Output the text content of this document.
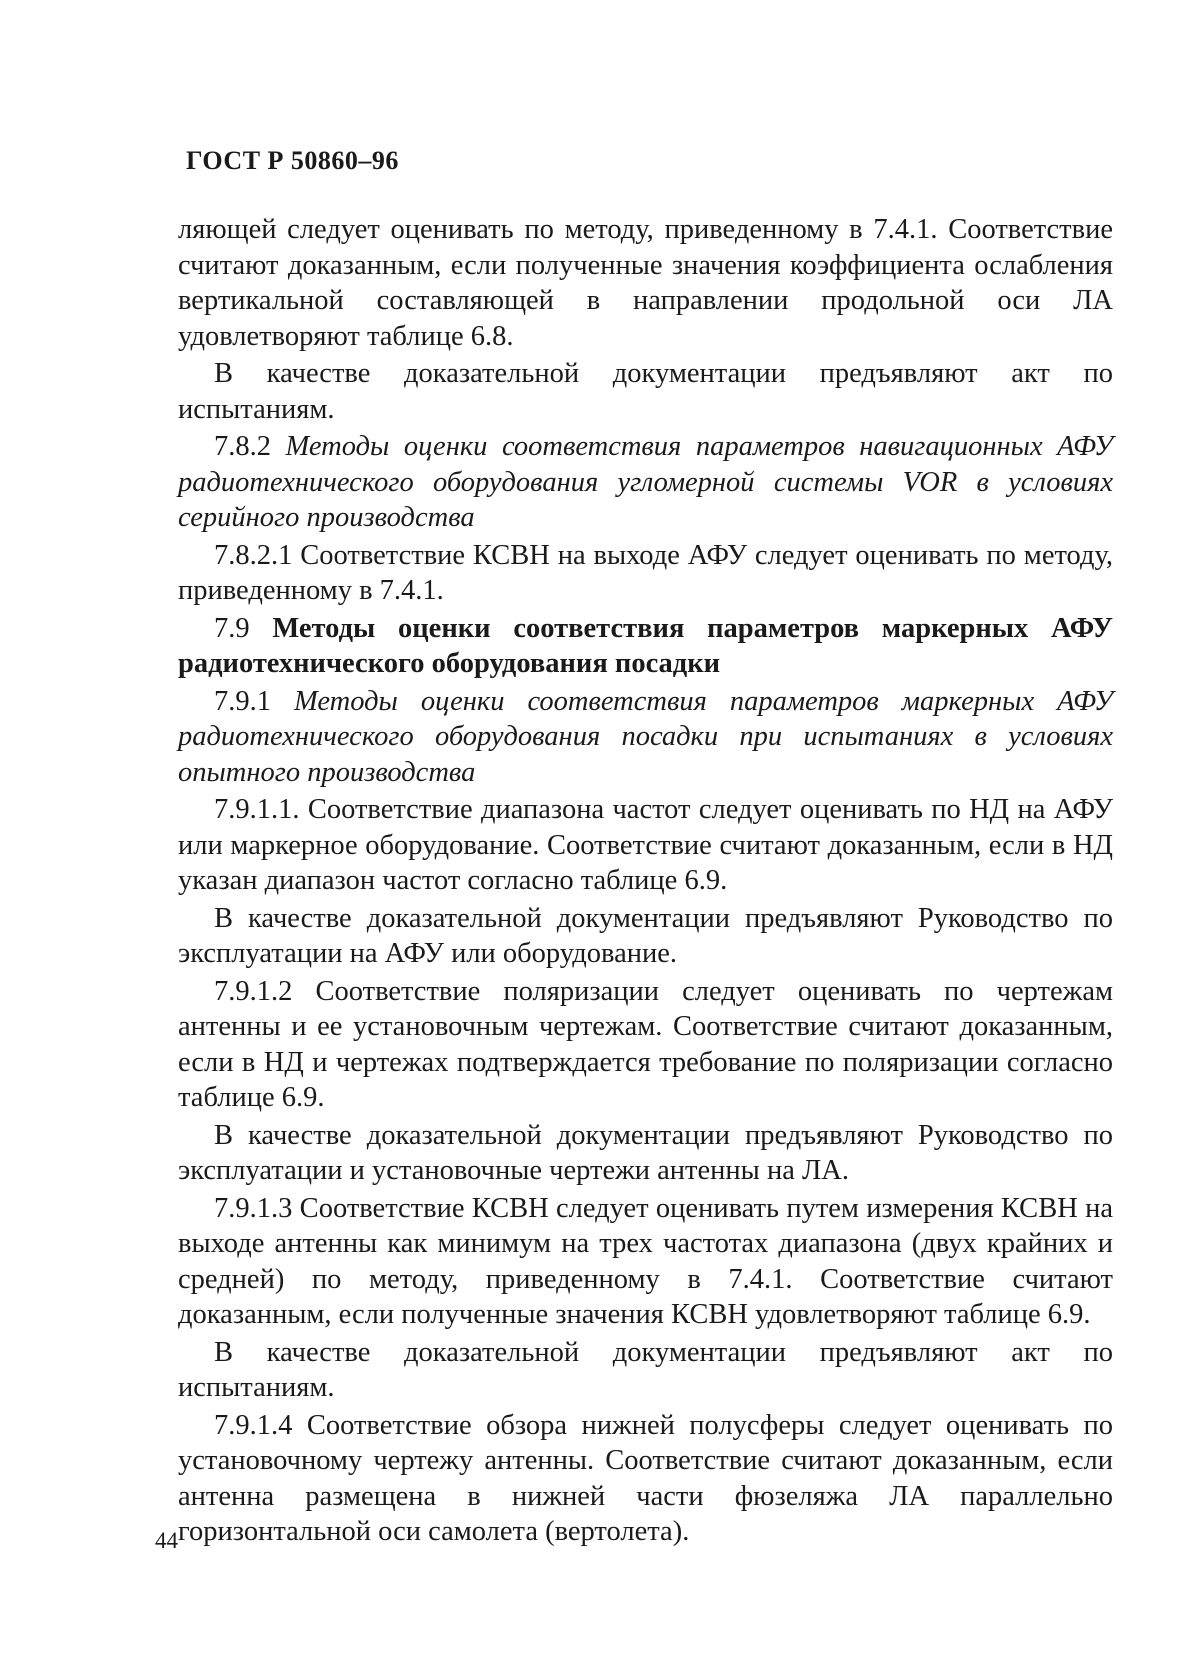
ГОСТ Р 50860–96

ляющей следует оценивать по методу, приведенному в 7.4.1. Соответствие считают доказанным, если полученные значения коэффициента ослабления вертикальной составляющей в направлении продольной оси ЛА удовлетворяют таблице 6.8.

В качестве доказательной документации предъявляют акт по испытаниям.

7.8.2 Методы оценки соответствия параметров навигационных АФУ радиотехнического оборудования угломерной системы VOR в условиях серийного производства

7.8.2.1 Соответствие КСВН на выходе АФУ следует оценивать по методу, приведенному в 7.4.1.

7.9 Методы оценки соответствия параметров маркерных АФУ радиотехнического оборудования посадки

7.9.1 Методы оценки соответствия параметров маркерных АФУ радиотехнического оборудования посадки при испытаниях в условиях опытного производства

7.9.1.1. Соответствие диапазона частот следует оценивать по НД на АФУ или маркерное оборудование. Соответствие считают доказанным, если в НД указан диапазон частот согласно таблице 6.9.

В качестве доказательной документации предъявляют Руководство по эксплуатации на АФУ или оборудование.

7.9.1.2 Соответствие поляризации следует оценивать по чертежам антенны и ее установочным чертежам. Соответствие считают доказанным, если в НД и чертежах подтверждается требование по поляризации согласно таблице 6.9.

В качестве доказательной документации предъявляют Руководство по эксплуатации и установочные чертежи антенны на ЛА.

7.9.1.3 Соответствие КСВН следует оценивать путем измерения КСВН на выходе антенны как минимум на трех частотах диапазона (двух крайних и средней) по методу, приведенному в 7.4.1. Соответствие считают доказанным, если полученные значения КСВН удовлетворяют таблице 6.9.

В качестве доказательной документации предъявляют акт по испытаниям.

7.9.1.4 Соответствие обзора нижней полусферы следует оценивать по установочному чертежу антенны. Соответствие считают доказанным, если антенна размещена в нижней части фюзеляжа ЛА параллельно горизонтальной оси самолета (вертолета).

44
